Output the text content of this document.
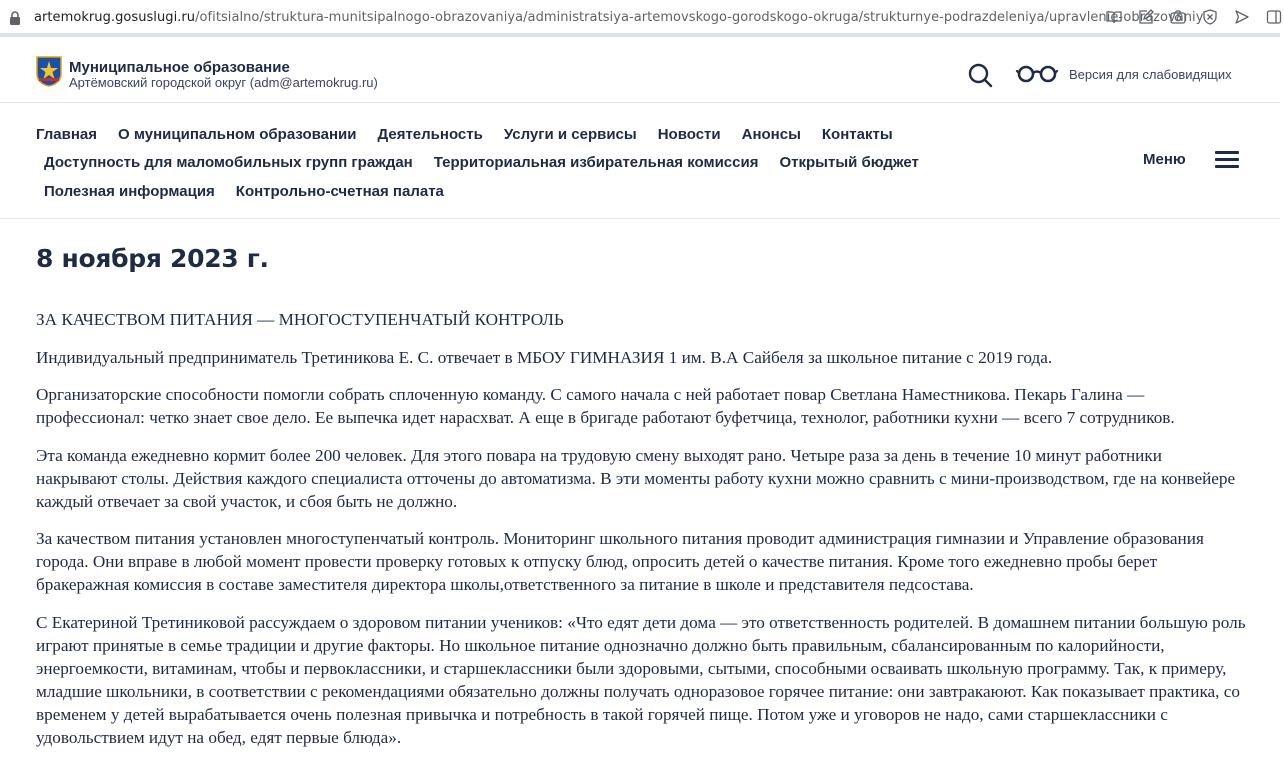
artemokrug.gosuslugi.ru/ofitsialno/struktura-munitsipalnogo-obrazovaniya/administratsiya-artemovskogo-gorodskogo-okruga/strukturnye-podrazdeleniya/upravlenie-obrazovaniy
Муниципальное образование
Артёмовский городской округ (adm@artemokrug.ru)
Версия для слабовидящих
Главная О муниципальном образовании Деятельность Услуги и сервисы Новости Анонсы Контакты
Доступность для маломобильных групп граждан Территориальная избирательная комиссия Открытый бюджет
Полезная информация Контрольно-счетная палата
Меню
8 ноября 2023 г.

ЗА КАЧЕСТВОМ ПИТАНИЯ — МНОГОСТУПЕНЧАТЫЙ КОНТРОЛЬ

Индивидуальный предприниматель Третиникова Е. С. отвечает в МБОУ ГИМНАЗИЯ 1 им. В.А Сайбеля за школьное питание с 2019 года.

Организаторские способности помогли собрать сплоченную команду. С самого начала с ней работает повар Светлана Наместникова. Пекарь Галина — профессионал: четко знает свое дело. Ее выпечка идет нарасхват. А еще в бригаде работают буфетчица, технолог, работники кухни — всего 7 сотрудников.

Эта команда ежедневно кормит более 200 человек. Для этого повара на трудовую смену выходят рано. Четыре раза за день в течение 10 минут работники накрывают столы. Действия каждого специалиста отточены до автоматизма. В эти моменты работу кухни можно сравнить с мини-производством, где на конвейере каждый отвечает за свой участок, и сбоя быть не должно.

За качеством питания установлен многоступенчатый контроль. Мониторинг школьного питания проводит администрация гимназии и Управление образования города. Они вправе в любой момент провести проверку готовых к отпуску блюд, опросить детей о качестве питания. Кроме того ежедневно пробы берет бракеражная комиссия в составе заместителя директора школы,ответственного за питание в школе и представителя педсостава.

С Екатериной Третиниковой рассуждаем о здоровом питании учеников: «Что едят дети дома — это ответственность родителей. В домашнем питании большую роль играют принятые в семье традиции и другие факторы. Но школьное питание однозначно должно быть правильным, сбалансированным по калорийности, энергоемкости, витаминам, чтобы и первоклассники, и старшеклассники были здоровыми, сытыми, способными осваивать школьную программу. Так, к примеру, младшие школьники, в соответствии с рекомендациями обязательно должны получать одноразовое горячее питание: они завтракаюют. Как показывает практика, со временем у детей вырабатывается очень полезная привычка и потребность в такой горячей пище. Потом уже и уговоров не надо, сами старшеклассники с удовольствием идут на обед, едят первые блюда».
